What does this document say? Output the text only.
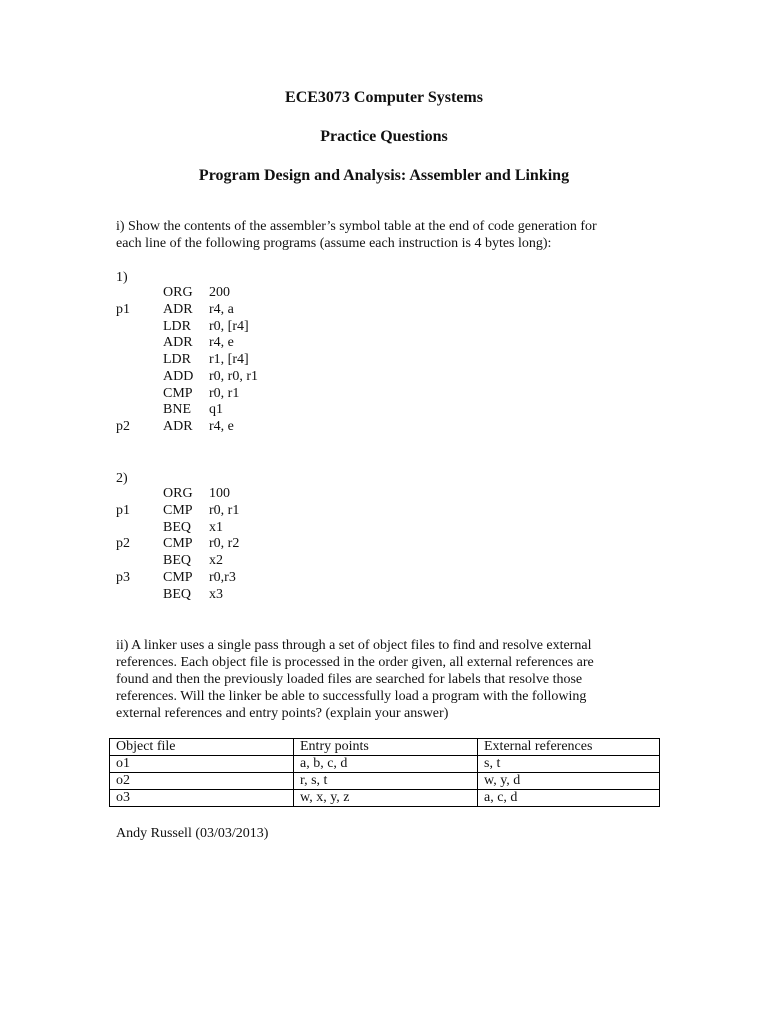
ECE3073 Computer Systems
Practice Questions
Program Design and Analysis: Assembler and Linking
i) Show the contents of the assembler’s symbol table at the end of code generation for
each line of the following programs (assume each instruction is 4 bytes long):
1)
ORG 200
p1 ADR r4, a
LDR r0, [r4]
ADR r4, e
LDR r1, [r4]
ADD r0, r0, r1
CMP r0, r1
BNE q1
p2 ADR r4, e
2)
ORG 100
p1 CMP r0, r1
BEQ x1
p2 CMP r0, r2
BEQ x2
p3 CMP r0,r3
BEQ x3
ii) A linker uses a single pass through a set of object files to find and resolve external
references. Each object file is processed in the order given, all external references are
found and then the previously loaded files are searched for labels that resolve those
references. Will the linker be able to successfully load a program with the following
external references and entry points? (explain your answer)
Object file	Entry points	External references
o1	a, b, c, d	s, t
o2	r, s, t	w, y, d
o3	w, x, y, z	a, c, d
Andy Russell (03/03/2013)
